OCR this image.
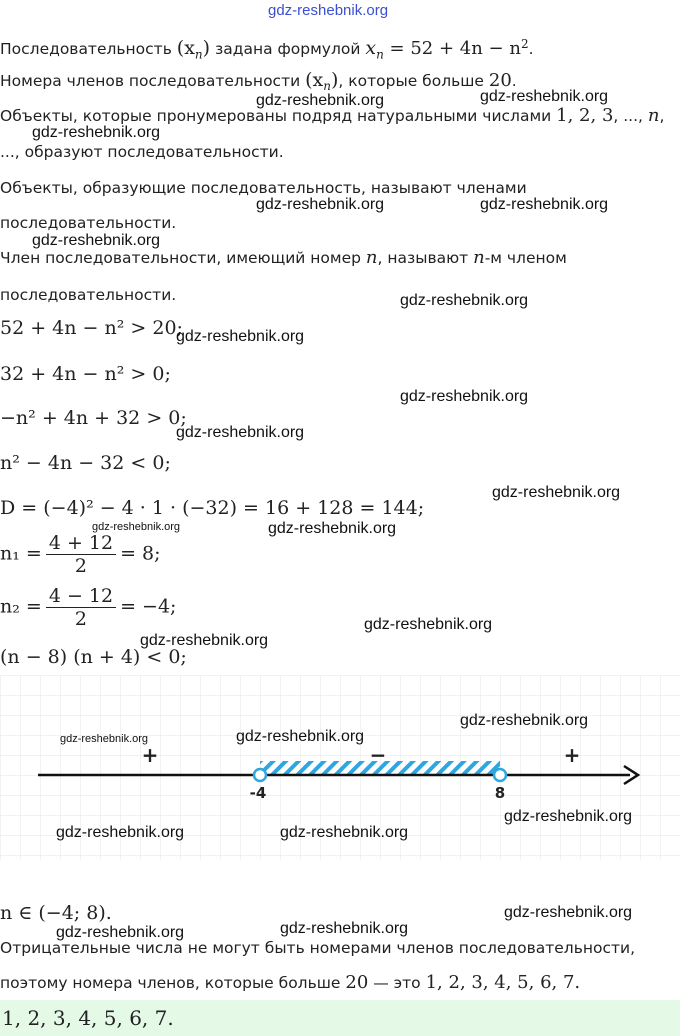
gdz-reshebnik.org
Последовательность $(x_n)$ задана формулой $x_n = 52 + 4n - n^2$.
Номера членов последовательности $(x_n)$, которые больше 20.
Объекты, которые пронумерованы подряд натуральными числами 1, 2, 3, ..., n,
..., образуют последовательности.
Объекты, образующие последовательность, называют членами
последовательности.
Член последовательности, имеющий номер n, называют n-м членом
последовательности.
52 + 4n − n² > 20;
32 + 4n − n² > 0;
−n² + 4n + 32 > 0;
n² − 4n − 32 < 0;
D = (−4)² − 4 · 1 · (−32) = 16 + 128 = 144;
$n_1 = \frac{4 + 12}{2} = 8$;
$n_2 = \frac{4 - 12}{2} = -4$;
(n − 8) (n + 4) < 0;
+	−	+
-4	8
n ∈ (−4; 8).
Отрицательные числа не могут быть номерами членов последовательности,
поэтому номера членов, которые больше 20 — это 1, 2, 3, 4, 5, 6, 7.
1, 2, 3, 4, 5, 6, 7.
gdz-reshebnik.org	gdz-reshebnik.org
gdz-reshebnik.org
gdz-reshebnik.org	gdz-reshebnik.org
gdz-reshebnik.org
gdz-reshebnik.org
gdz-reshebnik.org
gdz-reshebnik.org
gdz-reshebnik.org
gdz-reshebnik.org
gdz-reshebnik.org	gdz-reshebnik.org
gdz-reshebnik.org
gdz-reshebnik.org
gdz-reshebnik.org
gdz-reshebnik.org
gdz-reshebnik.org
gdz-reshebnik.org
gdz-reshebnik.org	gdz-reshebnik.org
gdz-reshebnik.org
gdz-reshebnik.org
gdz-reshebnik.org
